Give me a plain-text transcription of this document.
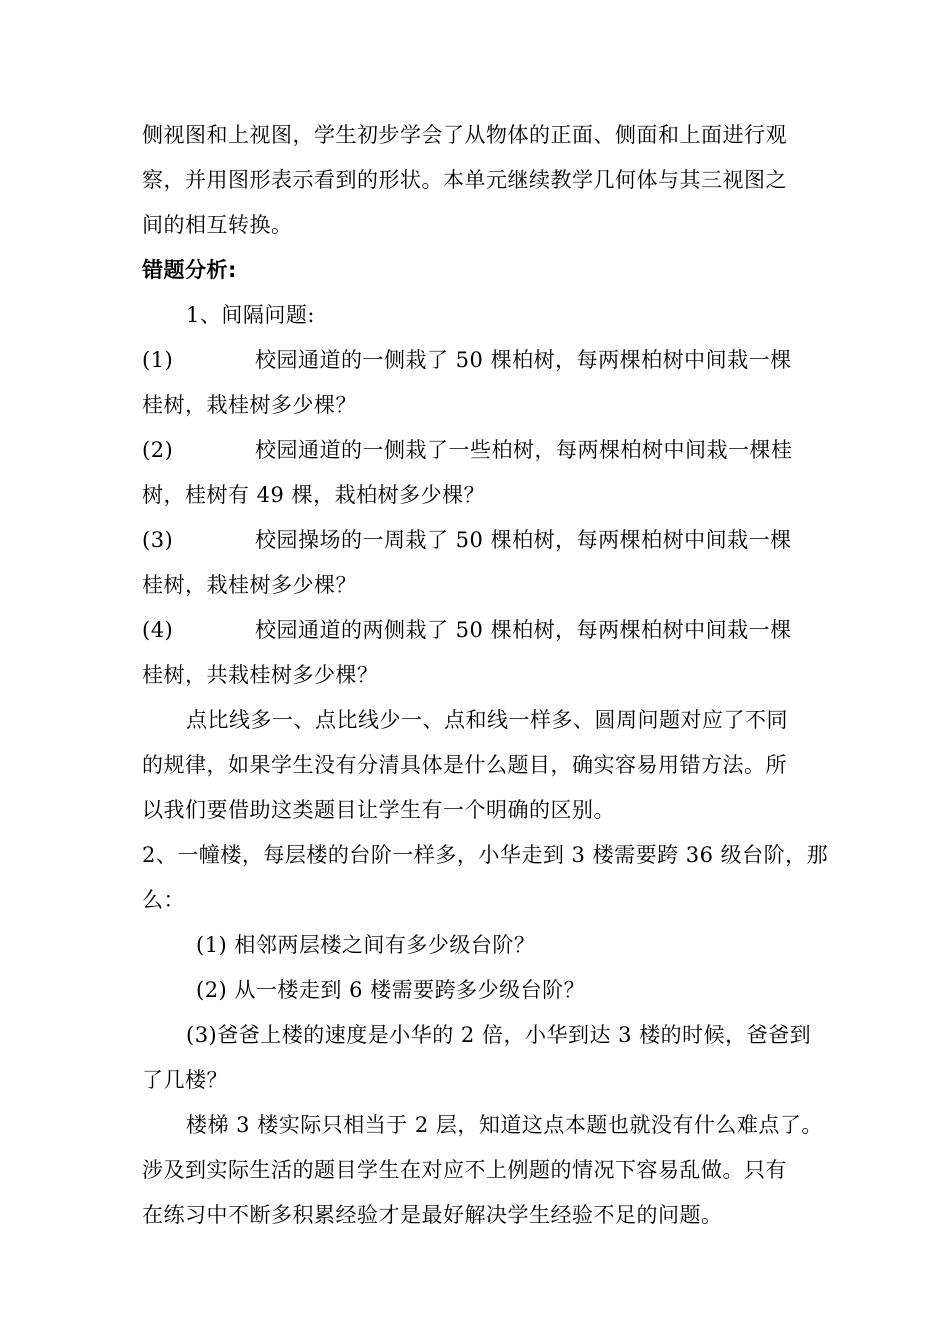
侧视图和上视图，学生初步学会了从物体的正面、侧面和上面进行观
察，并用图形表示看到的形状。本单元继续教学几何体与其三视图之
间的相互转换。
错题分析:
1、间隔问题:
(1)	校园通道的一侧栽了 50 棵柏树，每两棵柏树中间栽一棵
桂树，栽桂树多少棵？
(2)	校园通道的一侧栽了一些柏树，每两棵柏树中间栽一棵桂
树，桂树有 49 棵，栽柏树多少棵？
(3)	校园操场的一周栽了 50 棵柏树，每两棵柏树中间栽一棵
桂树，栽桂树多少棵？
(4)	校园通道的两侧栽了 50 棵柏树，每两棵柏树中间栽一棵
桂树，共栽桂树多少棵？
点比线多一、点比线少一、点和线一样多、圆周问题对应了不同
的规律，如果学生没有分清具体是什么题目，确实容易用错方法。所
以我们要借助这类题目让学生有一个明确的区别。
2、一幢楼，每层楼的台阶一样多，小华走到 3 楼需要跨 36 级台阶，那
么：
(1) 相邻两层楼之间有多少级台阶？
(2) 从一楼走到 6 楼需要跨多少级台阶？
(3)爸爸上楼的速度是小华的 2 倍，小华到达 3 楼的时候，爸爸到
了几楼？
楼梯 3 楼实际只相当于 2 层，知道这点本题也就没有什么难点了。
涉及到实际生活的题目学生在对应不上例题的情况下容易乱做。只有
在练习中不断多积累经验才是最好解决学生经验不足的问题。
